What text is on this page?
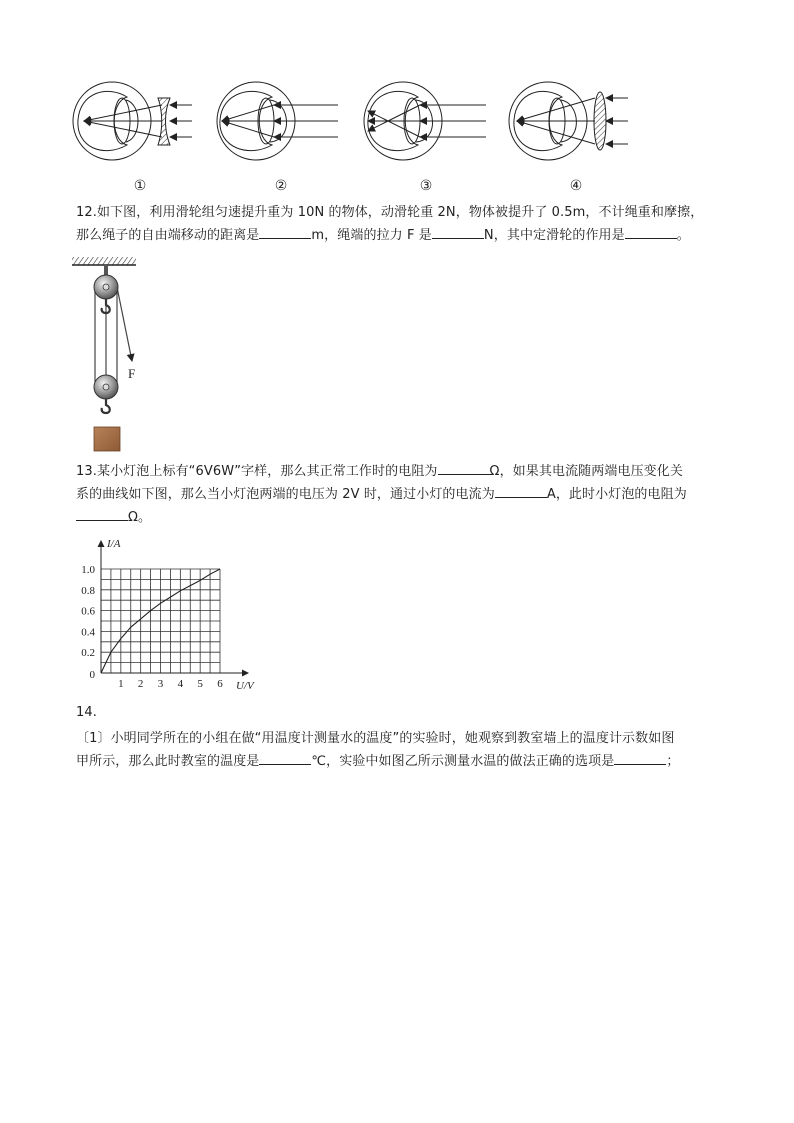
①	②	③	④
12.如下图，利用滑轮组匀速提升重为 10N 的物体，动滑轮重 2N，物体被提升了 0.5m，不计绳重和摩擦，
那么绳子的自由端移动的距离是	m，绳端的拉力 F 是	N，其中定滑轮的作用是	。
F
13.某小灯泡上标有“6V6W”字样，那么其正常工作时的电阻为	Ω，如果其电流随两端电压变化关
系的曲线如下图，那么当小灯泡两端的电压为 2V 时，通过小灯的电流为	A，此时小灯泡的电阻为
Ω。
1 2 3 4 5 6
0.2
0.4
0.6
0.8
1.0
0
U/V
I/A
14.
〔1〕小明同学所在的小组在做“用温度计测量水的温度”的实验时，她观察到教室墙上的温度计示数如图
甲所示，那么此时教室的温度是	℃，实验中如图乙所示测量水温的做法正确的选项是	；
